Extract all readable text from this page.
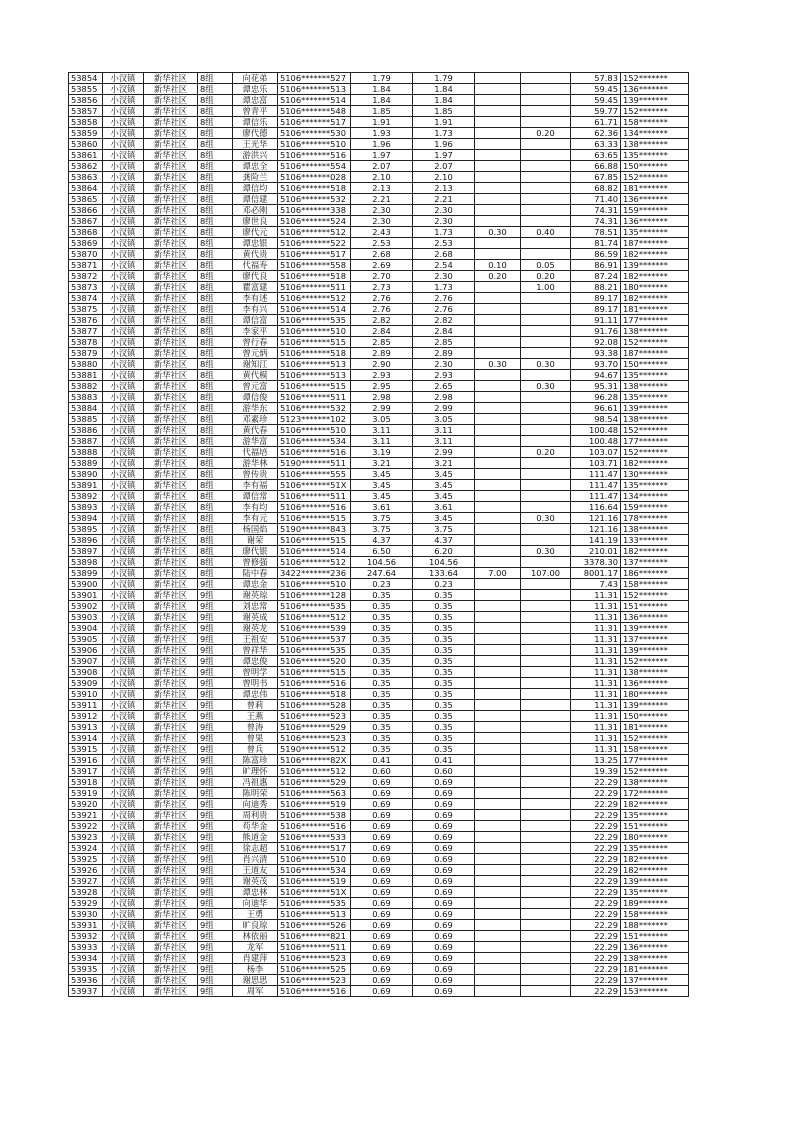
53854	小汊镇	新华社区	8组	向花弟	5106*******527	1.79	1.79			57.83	152*******
53855	小汊镇	新华社区	8组	谭忠乐	5106*******513	1.84	1.84			59.45	136*******
53856	小汊镇	新华社区	8组	谭忠富	5106*******514	1.84	1.84			59.45	139*******
53857	小汊镇	新华社区	8组	曾青平	5106*******548	1.85	1.85			59.77	152*******
53858	小汊镇	新华社区	8组	谭信乐	5106*******517	1.91	1.91			61.71	158*******
53859	小汊镇	新华社区	8组	廖代德	5106*******530	1.93	1.73		0.20	62.36	134*******
53860	小汊镇	新华社区	8组	王光华	5106*******510	1.96	1.96			63.33	138*******
53861	小汊镇	新华社区	8组	游洪兴	5106*******516	1.97	1.97			63.65	135*******
53862	小汊镇	新华社区	8组	谭忠全	5106*******554	2.07	2.07			66.88	150*******
53863	小汊镇	新华社区	8组	龚险兰	5106*******028	2.10	2.10			67.85	152*******
53864	小汊镇	新华社区	8组	谭信均	5106*******518	2.13	2.13			68.82	181*******
53865	小汊镇	新华社区	8组	谭信建	5106*******532	2.21	2.21			71.40	136*******
53866	小汊镇	新华社区	8组	邓必刚	5106*******338	2.30	2.30			74.31	159*******
53867	小汊镇	新华社区	8组	廖世良	5106*******524	2.30	2.30			74.31	136*******
53868	小汊镇	新华社区	8组	廖代元	5106*******512	2.43	1.73	0.30	0.40	78.51	135*******
53869	小汊镇	新华社区	8组	谭忠银	5106*******522	2.53	2.53			81.74	187*******
53870	小汊镇	新华社区	8组	黄代贵	5106*******517	2.68	2.68			86.59	182*******
53871	小汊镇	新华社区	8组	代福寿	5106*******558	2.69	2.54	0.10	0.05	86.91	139*******
53872	小汊镇	新华社区	8组	廖代良	5106*******518	2.70	2.30	0.20	0.20	87.24	182*******
53873	小汊镇	新华社区	8组	瞿富建	5106*******511	2.73	1.73		1.00	88.21	180*******
53874	小汊镇	新华社区	8组	李有述	5106*******512	2.76	2.76			89.17	182*******
53875	小汊镇	新华社区	8组	李有兴	5106*******514	2.76	2.76			89.17	181*******
53876	小汊镇	新华社区	8组	谭信富	5106*******535	2.82	2.82			91.11	177*******
53877	小汊镇	新华社区	8组	李家平	5106*******510	2.84	2.84			91.76	138*******
53878	小汊镇	新华社区	8组	曾行春	5106*******515	2.85	2.85			92.08	152*******
53879	小汊镇	新华社区	8组	曾元炳	5106*******518	2.89	2.89			93.38	187*******
53880	小汊镇	新华社区	8组	谢知江	5106*******513	2.90	2.30	0.30	0.30	93.70	150*******
53881	小汊镇	新华社区	8组	黄代模	5106*******513	2.93	2.93			94.67	135*******
53882	小汊镇	新华社区	8组	曾元富	5106*******515	2.95	2.65		0.30	95.31	138*******
53883	小汊镇	新华社区	8组	谭信俊	5106*******511	2.98	2.98			96.28	135*******
53884	小汊镇	新华社区	8组	游华东	5106*******532	2.99	2.99			96.61	139*******
53885	小汊镇	新华社区	8组	邓素珍	5123*******102	3.05	3.05			98.54	138*******
53886	小汊镇	新华社区	8组	黄代春	5106*******510	3.11	3.11			100.48	152*******
53887	小汊镇	新华社区	8组	游华富	5106*******534	3.11	3.11			100.48	177*******
53888	小汊镇	新华社区	8组	代福培	5106*******516	3.19	2.99		0.20	103.07	152*******
53889	小汊镇	新华社区	8组	游华林	5190*******511	3.21	3.21			103.71	182*******
53890	小汊镇	新华社区	8组	曾传贵	5106*******555	3.45	3.45			111.47	130*******
53891	小汊镇	新华社区	8组	李有福	5106*******51X	3.45	3.45			111.47	135*******
53892	小汊镇	新华社区	8组	谭信常	5106*******511	3.45	3.45			111.47	134*******
53893	小汊镇	新华社区	8组	李有均	5106*******516	3.61	3.61			116.64	159*******
53894	小汊镇	新华社区	8组	李有元	5106*******515	3.75	3.45		0.30	121.16	178*******
53895	小汊镇	新华社区	8组	杨国焰	5190*******843	3.75	3.75			121.16	138*******
53896	小汊镇	新华社区	8组	谢荣	5106*******515	4.37	4.37			141.19	133*******
53897	小汊镇	新华社区	8组	廖代银	5106*******514	6.50	6.20		0.30	210.01	182*******
53898	小汊镇	新华社区	8组	曾修强	5106*******512	104.56	104.56			3378.30	137*******
53899	小汊镇	新华社区	8组	陆中春	3422*******236	247.64	133.64	7.00	107.00	8001.17	186*******
53900	小汊镇	新华社区	9组	谭忠金	5106*******510	0.23	0.23			7.43	158*******
53901	小汊镇	新华社区	9组	谢英琼	5106*******128	0.35	0.35			11.31	152*******
53902	小汊镇	新华社区	9组	刘忠常	5106*******535	0.35	0.35			11.31	151*******
53903	小汊镇	新华社区	9组	谢英成	5106*******512	0.35	0.35			11.31	136*******
53904	小汊镇	新华社区	9组	谢英龙	5106*******539	0.35	0.35			11.31	139*******
53905	小汊镇	新华社区	9组	王祖安	5106*******537	0.35	0.35			11.31	137*******
53906	小汊镇	新华社区	9组	曾祥华	5106*******535	0.35	0.35			11.31	139*******
53907	小汊镇	新华社区	9组	谭忠俊	5106*******520	0.35	0.35			11.31	152*******
53908	小汊镇	新华社区	9组	曾明学	5106*******515	0.35	0.35			11.31	138*******
53909	小汊镇	新华社区	9组	曾明书	5106*******516	0.35	0.35			11.31	136*******
53910	小汊镇	新华社区	9组	谭忠伟	5106*******518	0.35	0.35			11.31	180*******
53911	小汊镇	新华社区	9组	曾莉	5106*******528	0.35	0.35			11.31	139*******
53912	小汊镇	新华社区	9组	王燕	5106*******523	0.35	0.35			11.31	150*******
53913	小汊镇	新华社区	9组	曾涛	5106*******529	0.35	0.35			11.31	181*******
53914	小汊镇	新华社区	9组	曾果	5106*******523	0.35	0.35			11.31	152*******
53915	小汊镇	新华社区	9组	曾兵	5190*******512	0.35	0.35			11.31	158*******
53916	小汊镇	新华社区	9组	陈富珍	5106*******82X	0.41	0.41			13.25	177*******
53917	小汊镇	新华社区	9组	旷理怀	5106*******512	0.60	0.60			19.39	152*******
53918	小汊镇	新华社区	9组	冯祖惠	5106*******529	0.69	0.69			22.29	138*******
53919	小汊镇	新华社区	9组	陈明荣	5106*******563	0.69	0.69			22.29	172*******
53920	小汊镇	新华社区	9组	向迪秀	5106*******519	0.69	0.69			22.29	182*******
53921	小汊镇	新华社区	9组	周利贵	5106*******538	0.69	0.69			22.29	135*******
53922	小汊镇	新华社区	9组	苟华金	5106*******516	0.69	0.69			22.29	151*******
53923	小汊镇	新华社区	9组	熊道金	5106*******533	0.69	0.69			22.29	180*******
53924	小汊镇	新华社区	9组	徐志超	5106*******517	0.69	0.69			22.29	135*******
53925	小汊镇	新华社区	9组	肖兴清	5106*******510	0.69	0.69			22.29	182*******
53926	小汊镇	新华社区	9组	王道友	5106*******534	0.69	0.69			22.29	182*******
53927	小汊镇	新华社区	9组	谢英茂	5106*******519	0.69	0.69			22.29	139*******
53928	小汊镇	新华社区	9组	谭忠林	5106*******51X	0.69	0.69			22.29	135*******
53929	小汊镇	新华社区	9组	向迪华	5106*******535	0.69	0.69			22.29	189*******
53930	小汊镇	新华社区	9组	王勇	5106*******513	0.69	0.69			22.29	158*******
53931	小汊镇	新华社区	9组	旷良琼	5106*******526	0.69	0.69			22.29	188*******
53932	小汊镇	新华社区	9组	林依丽	5106*******821	0.69	0.69			22.29	151*******
53933	小汊镇	新华社区	9组	龙军	5106*******511	0.69	0.69			22.29	136*******
53934	小汊镇	新华社区	9组	肖建萍	5106*******523	0.69	0.69			22.29	138*******
53935	小汊镇	新华社区	9组	杨李	5106*******525	0.69	0.69			22.29	181*******
53936	小汊镇	新华社区	9组	谢思思	5106*******523	0.69	0.69			22.29	137*******
53937	小汊镇	新华社区	9组	周军	5106*******516	0.69	0.69			22.29	153*******
